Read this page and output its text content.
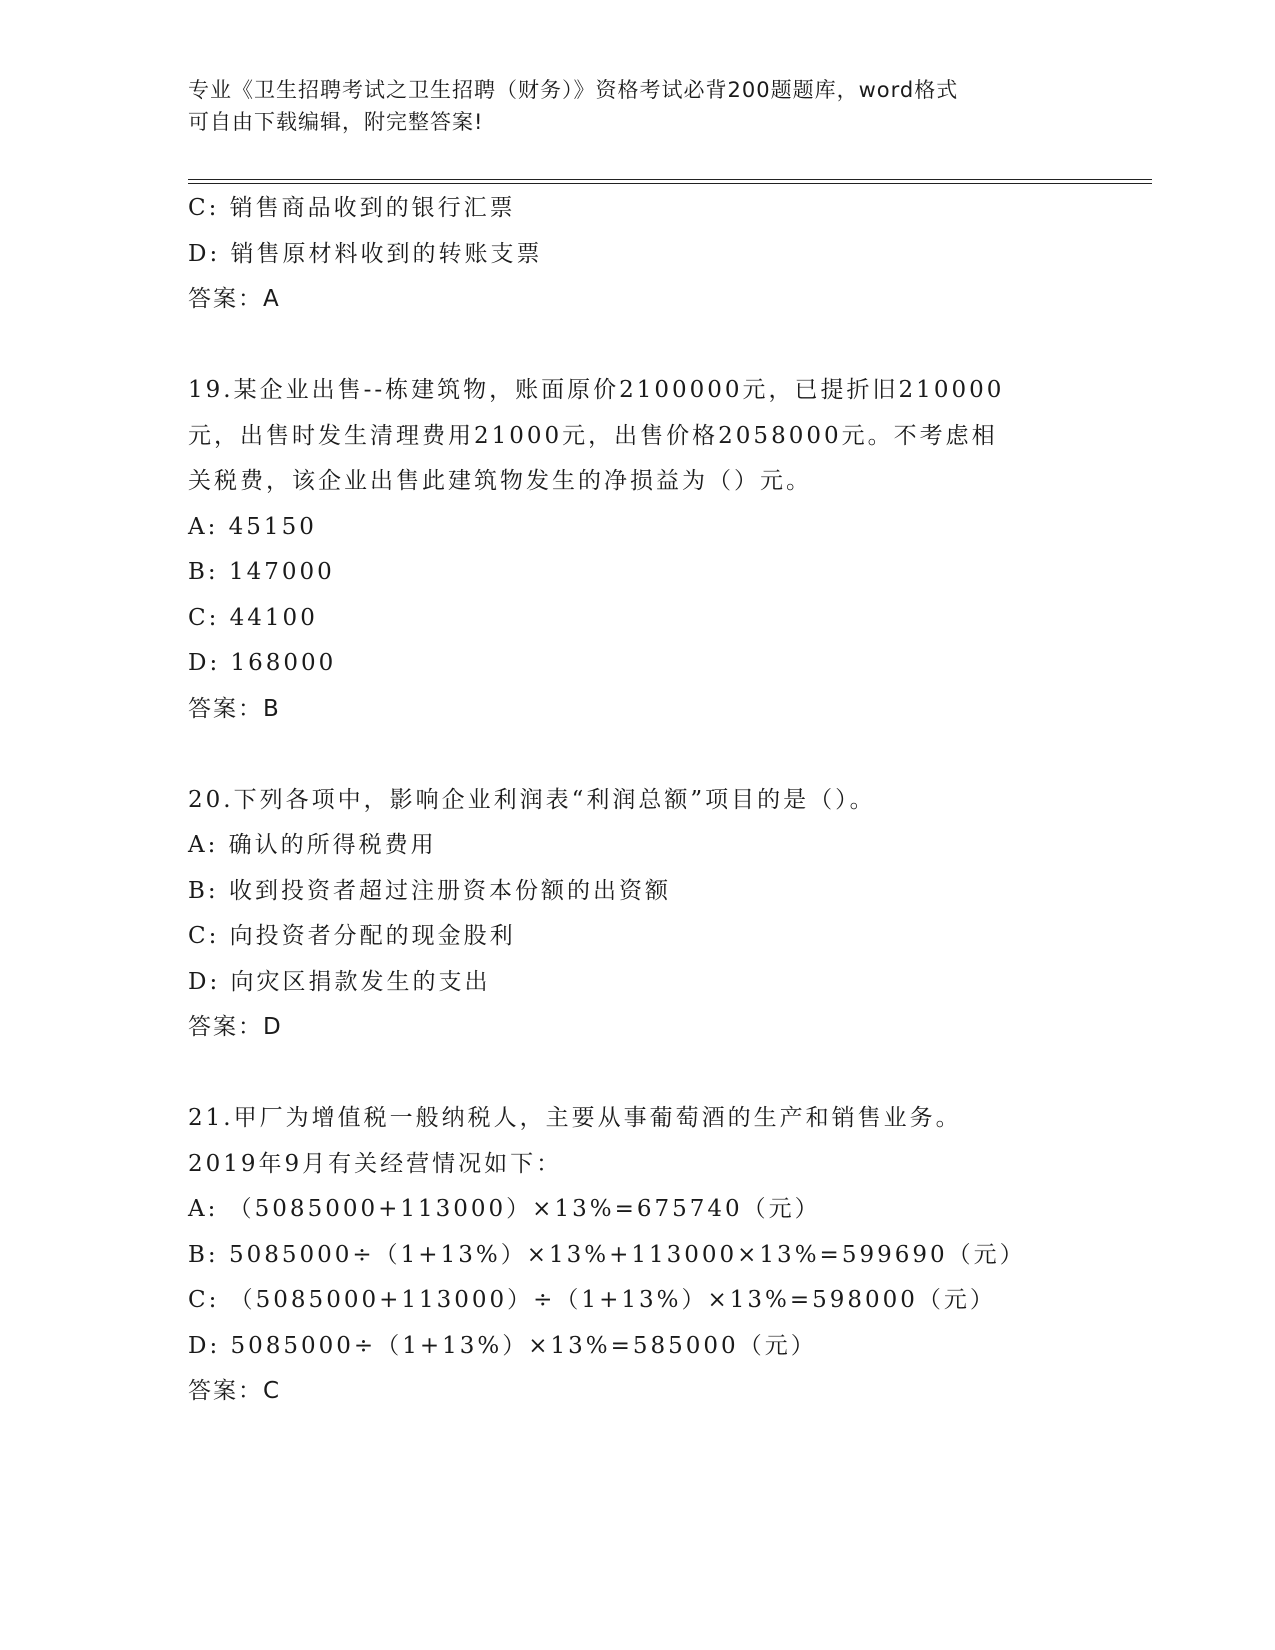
专业《卫生招聘考试之卫生招聘（财务）》资格考试必背200题题库，word格式
可自由下载编辑，附完整答案!
C: 销售商品收到的银行汇票
D: 销售原材料收到的转账支票
答案：A
19.某企业出售--栋建筑物，账面原价2100000元，已提折旧210000
元，出售时发生清理费用21000元，出售价格2058000元。不考虑相
关税费，该企业出售此建筑物发生的净损益为（）元。
A: 45150
B: 147000
C: 44100
D: 168000
答案：B
20.下列各项中，影响企业利润表“利润总额”项目的是（）。
A: 确认的所得税费用
B: 收到投资者超过注册资本份额的出资额
C: 向投资者分配的现金股利
D: 向灾区捐款发生的支出
答案：D
21.甲厂为增值税一般纳税人，主要从事葡萄酒的生产和销售业务。
2019年9月有关经营情况如下：
A: （5085000+113000）×13%=675740（元）
B: 5085000÷（1+13%）×13%+113000×13%=599690（元）
C: （5085000+113000）÷（1+13%）×13%=598000（元）
D: 5085000÷（1+13%）×13%=585000（元）
答案：C
